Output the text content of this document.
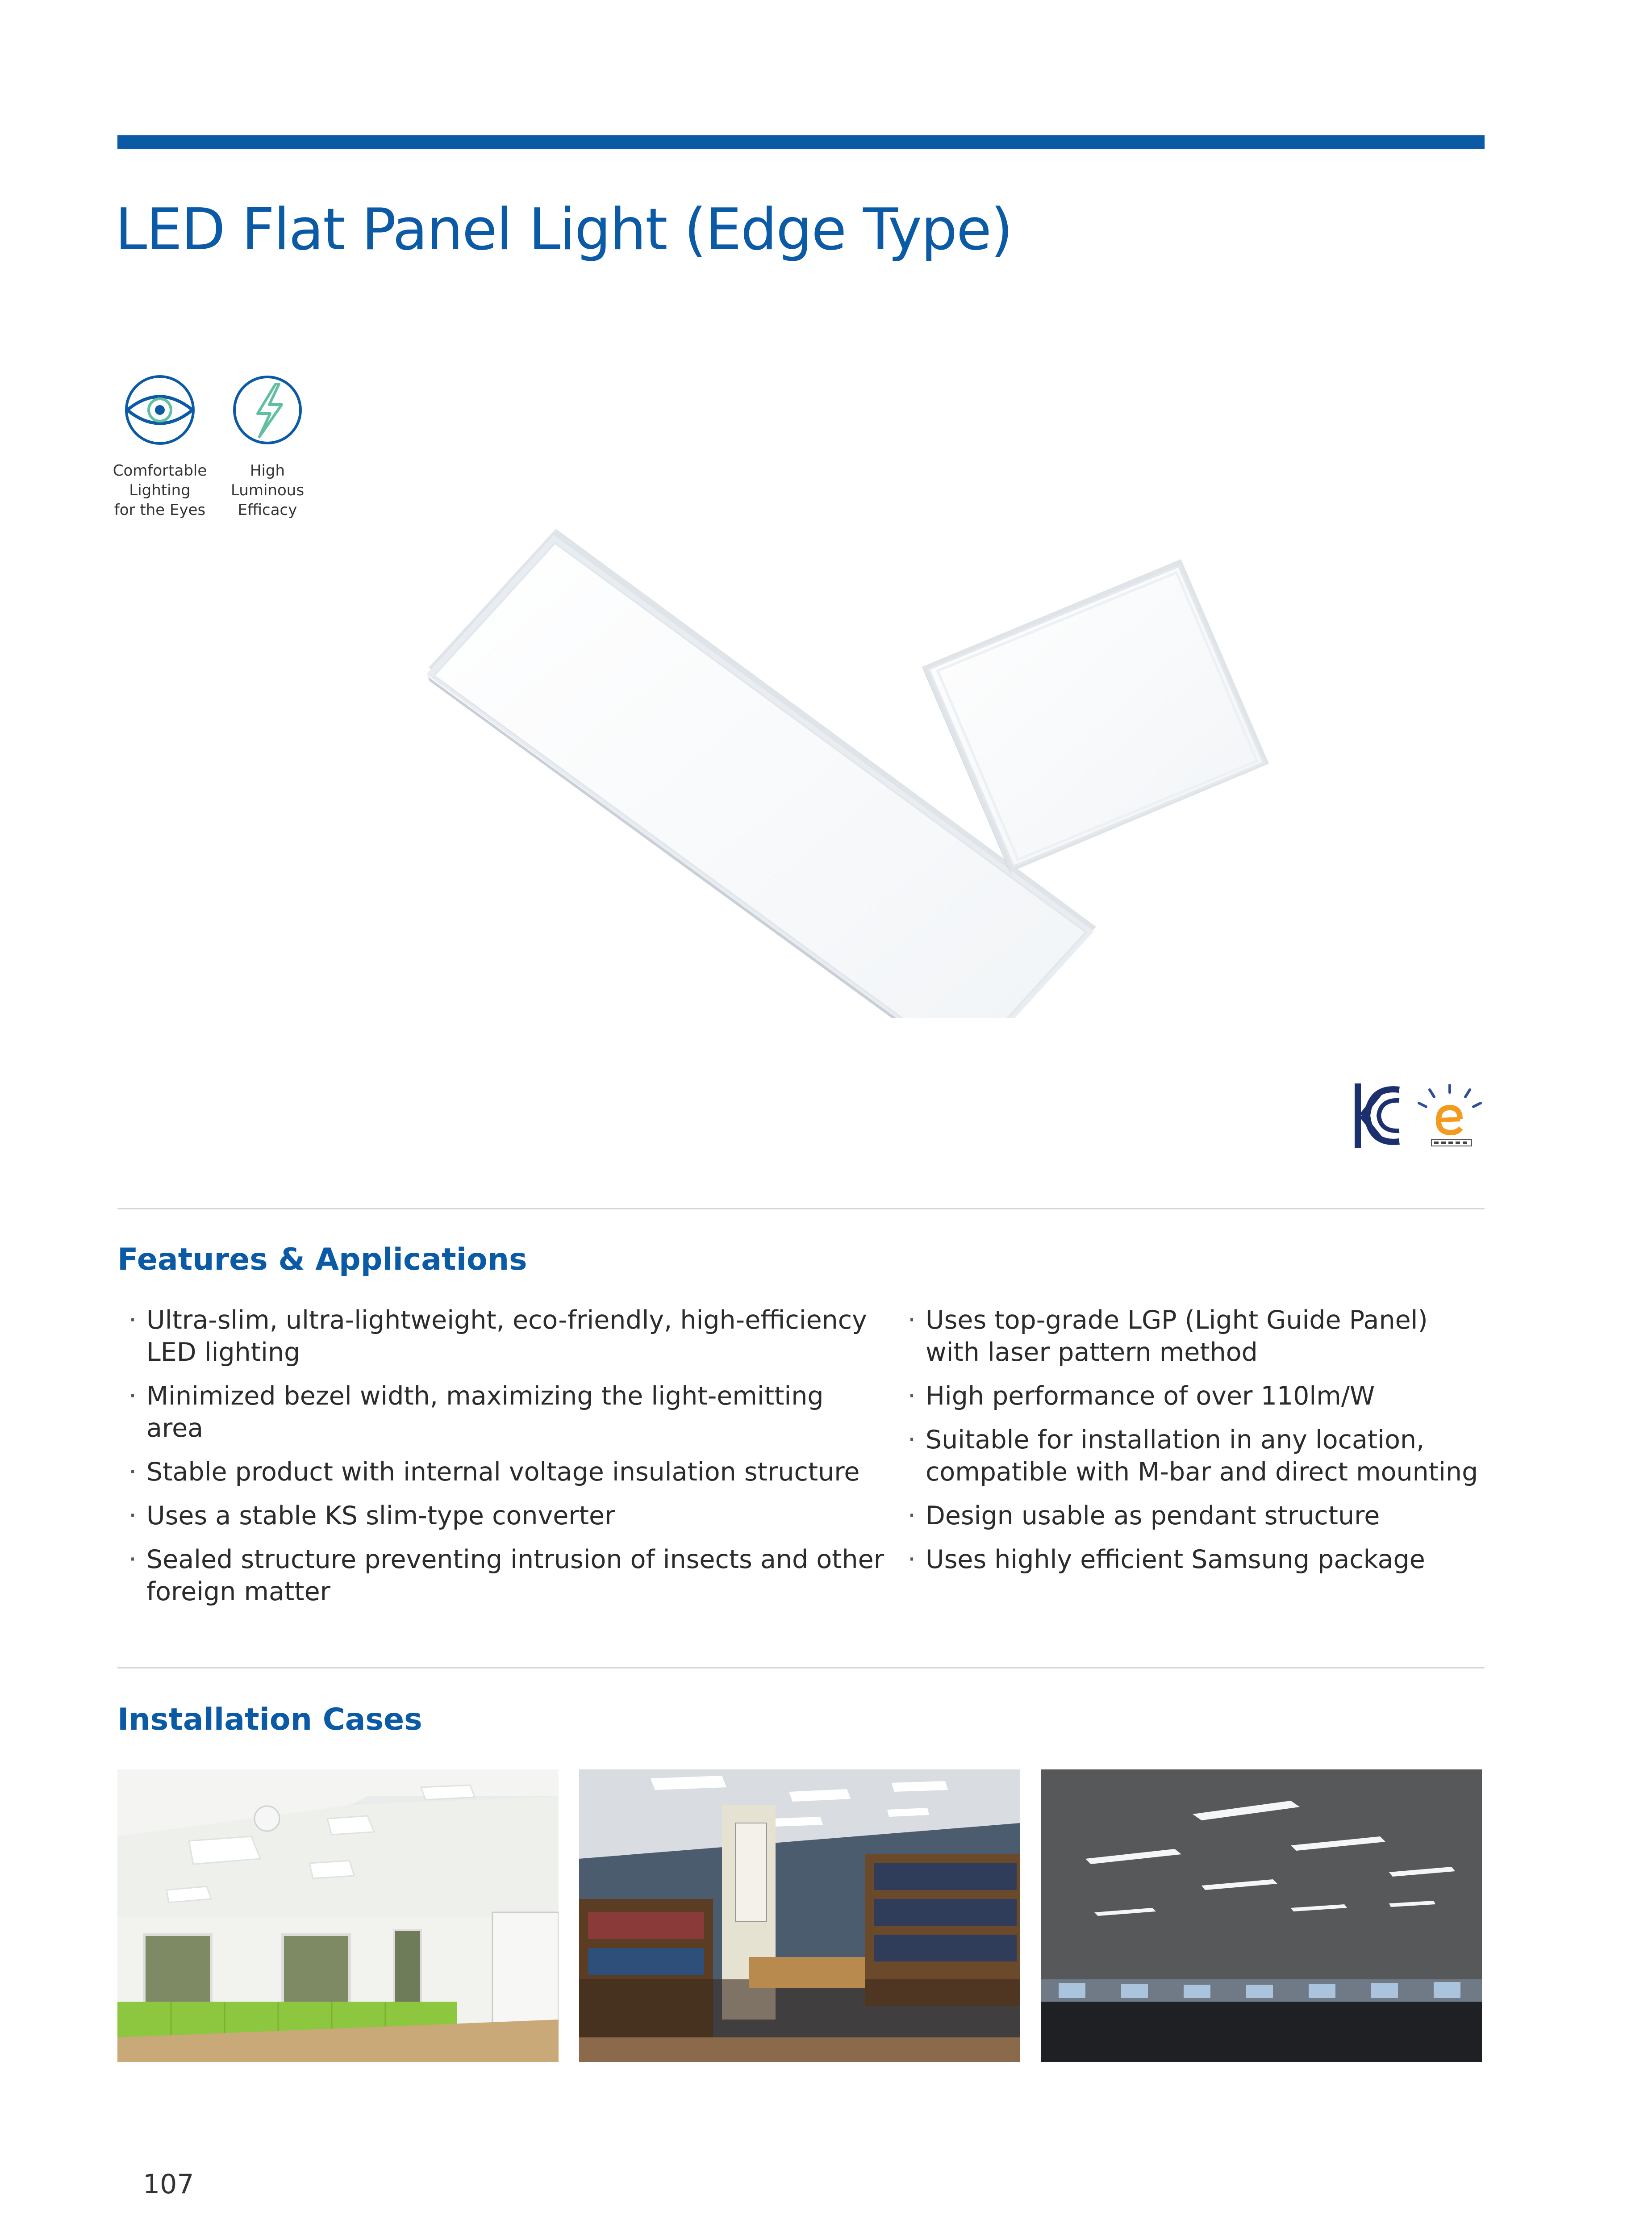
LED Flat Panel Light (Edge Type)
Comfortable
Lighting
for the Eyes
High
Luminous
Efficacy
Features & Applications
· Ultra-slim, ultra-lightweight, eco-friendly, high-efficiency LED lighting
· Minimized bezel width, maximizing the light-emitting area
· Stable product with internal voltage insulation structure
· Uses a stable KS slim-type converter
· Sealed structure preventing intrusion of insects and other foreign matter
· Uses top-grade LGP (Light Guide Panel) with laser pattern method
· High performance of over 110lm/W
· Suitable for installation in any location, compatible with M-bar and direct mounting
· Design usable as pendant structure
· Uses highly efficient Samsung package
Installation Cases
107
